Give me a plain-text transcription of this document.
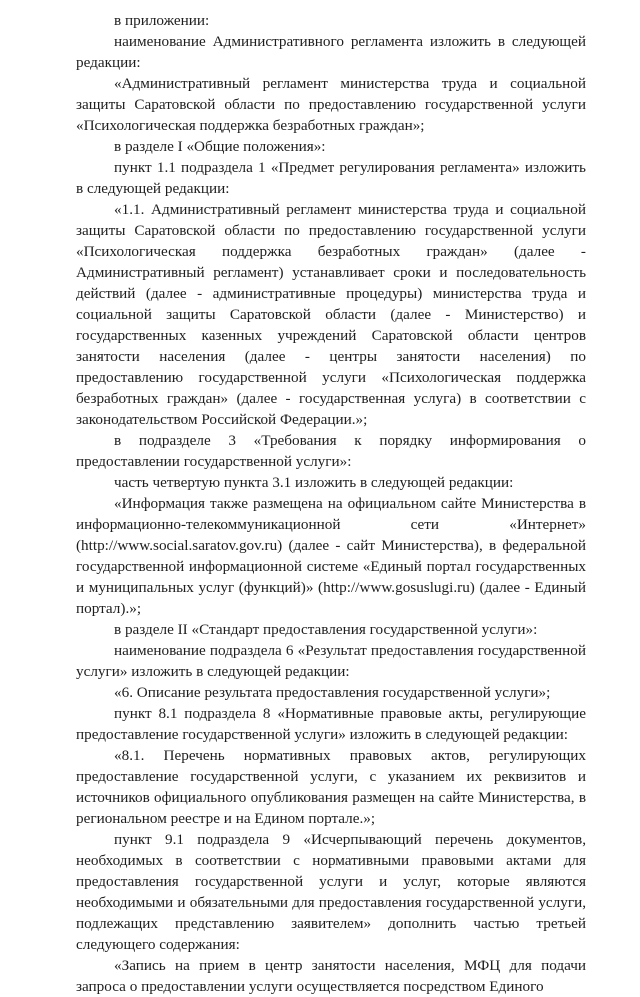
в приложении:

наименование Административного регламента изложить в следующей редакции:

«Административный регламент министерства труда и социальной защиты Саратовской области по предоставлению государственной услуги «Психологическая поддержка безработных граждан»;

в разделе I «Общие положения»:

пункт 1.1 подраздела 1 «Предмет регулирования регламента» изложить в следующей редакции:

«1.1. Административный регламент министерства труда и социальной защиты Саратовской области по предоставлению государственной услуги «Психологическая поддержка безработных граждан» (далее - Административный регламент) устанавливает сроки и последовательность действий (далее - административные процедуры) министерства труда и социальной защиты Саратовской области (далее - Министерство) и государственных казенных учреждений Саратовской области центров занятости населения (далее - центры занятости населения) по предоставлению государственной услуги «Психологическая поддержка безработных граждан» (далее - государственная услуга) в соответствии с законодательством Российской Федерации.»;

в подразделе 3 «Требования к порядку информирования о предоставлении государственной услуги»:

часть четвертую пункта 3.1 изложить в следующей редакции:

«Информация также размещена на официальном сайте Министерства в информационно-телекоммуникационной сети «Интернет» (http://www.social.saratov.gov.ru) (далее - сайт Министерства), в федеральной государственной информационной системе «Единый портал государственных и муниципальных услуг (функций)» (http://www.gosuslugi.ru) (далее - Единый портал).»;

в разделе II «Стандарт предоставления государственной услуги»:

наименование подраздела 6 «Результат предоставления государственной услуги» изложить в следующей редакции:

«6. Описание результата предоставления государственной услуги»;

пункт 8.1 подраздела 8 «Нормативные правовые акты, регулирующие предоставление государственной услуги» изложить в следующей редакции:

«8.1. Перечень нормативных правовых актов, регулирующих предоставление государственной услуги, с указанием их реквизитов и источников официального опубликования размещен на сайте Министерства, в региональном реестре и на Едином портале.»;

пункт 9.1 подраздела 9 «Исчерпывающий перечень документов, необходимых в соответствии с нормативными правовыми актами для предоставления государственной услуги и услуг, которые являются необходимыми и обязательными для предоставления государственной услуги, подлежащих представлению заявителем» дополнить частью третьей следующего содержания:

«Запись на прием в центр занятости населения, МФЦ для подачи запроса о предоставлении услуги осуществляется посредством Единого
